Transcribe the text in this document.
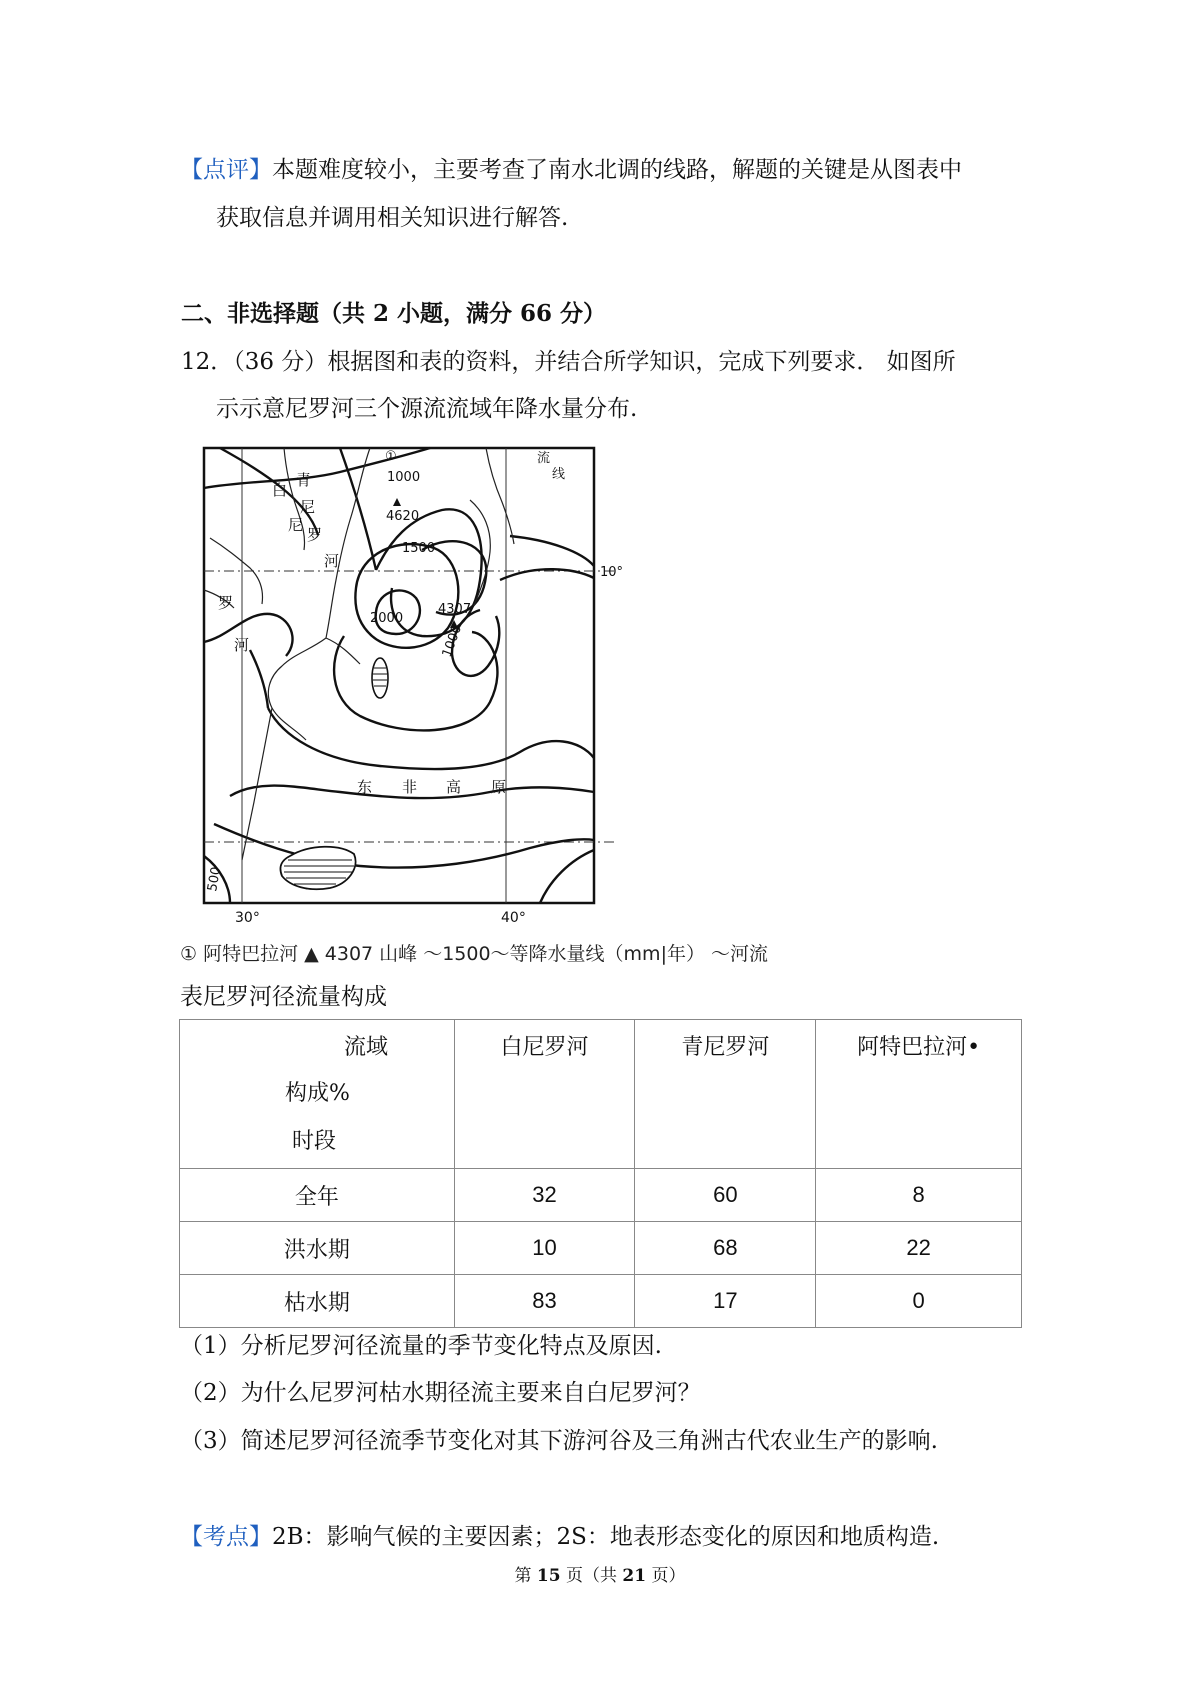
【点评】本题难度较小，主要考查了南水北调的线路，解题的关键是从图表中
获取信息并调用相关知识进行解答.
二、非选择题（共 2 小题，满分 66 分）
12．（36 分）根据图和表的资料，并结合所学知识，完成下列要求． 如图所
示示意尼罗河三个源流流域年降水量分布.
白
尼
罗
河
青
尼
罗
河
东 非 高 原
流
线
①
1000
4620
1500
2000
4307
1000
500
10°
30°	40°
① 阿特巴拉河 ▲ 4307 山峰 ～1500～等降水量线（mm|年） ～河流
表尼罗河径流量构成
流域
构成%
时段	白尼罗河	青尼罗河	阿特巴拉河•
全年	32	60	8
洪水期	10	68	22
枯水期	83	17	0
（1）分析尼罗河径流量的季节变化特点及原因.
（2）为什么尼罗河枯水期径流主要来自白尼罗河？
（3）简述尼罗河径流季节变化对其下游河谷及三角洲古代农业生产的影响.
【考点】2B：影响气候的主要因素；2S：地表形态变化的原因和地质构造.
第 15 页（共 21 页）
